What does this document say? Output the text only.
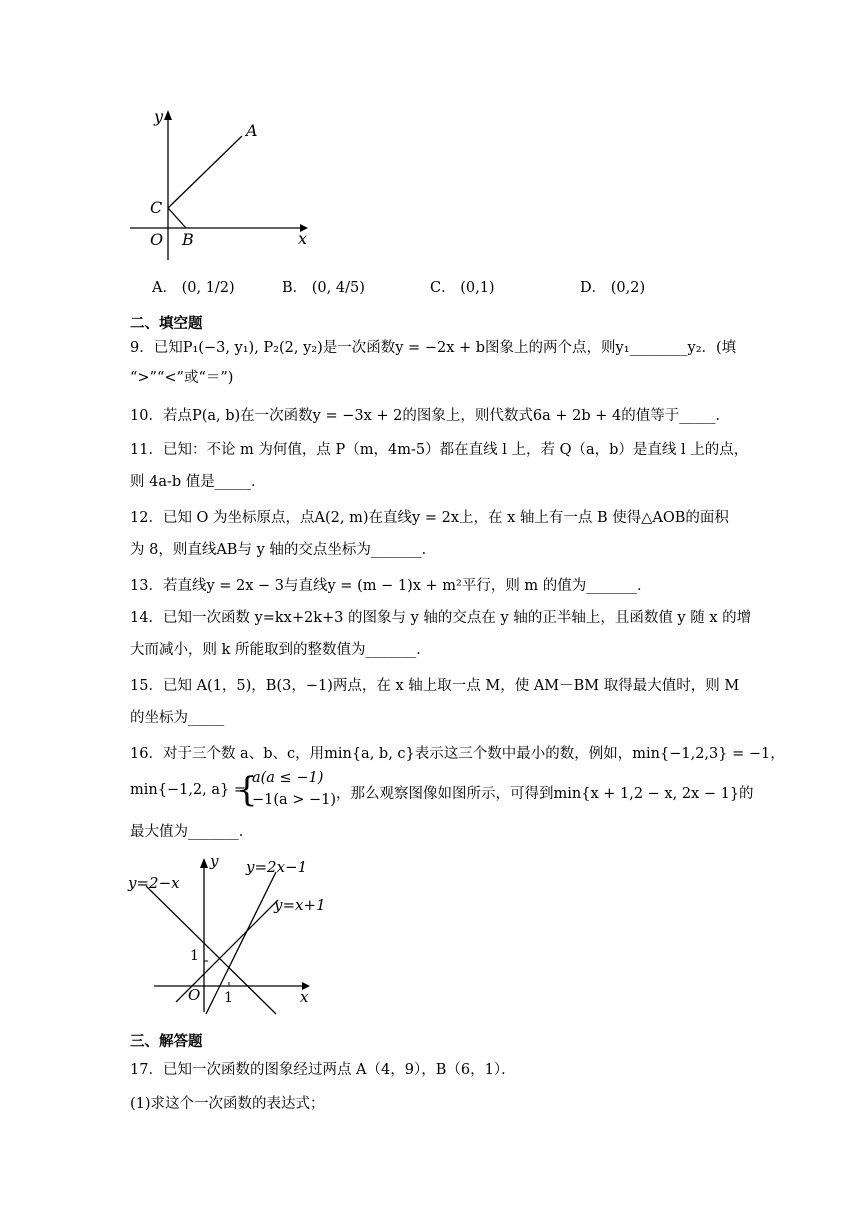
y
x
A
C
O B
A． (0, 1/2)	B． (0, 4/5)	C． (0,1)	D． (0,2)
二、填空题
9．已知P₁(−3, y₁), P₂(2, y₂)是一次函数y = −2x + b图象上的两个点，则y₁________y₂．(填
“>”“<”或“＝”)
10．若点P(a, b)在一次函数y = −3x + 2的图象上，则代数式6a + 2b + 4的值等于_____．
11．已知：不论 m 为何值，点 P（m，4m-5）都在直线 l 上，若 Q（a，b）是直线 l 上的点，
则 4a-b 值是_____．
12．已知 O 为坐标原点，点A(2, m)在直线y = 2x上，在 x 轴上有一点 B 使得△AOB的面积
为 8，则直线AB与 y 轴的交点坐标为_______．
13．若直线y = 2x − 3与直线y = (m − 1)x + m²平行，则 m 的值为_______．
14．已知一次函数 y=kx+2k+3 的图象与 y 轴的交点在 y 轴的正半轴上，且函数值 y 随 x 的增
大而减小，则 k 所能取到的整数值为_______．
15．已知 A(1，5)，B(3，−1)两点，在 x 轴上取一点 M，使 AM－BM 取得最大值时，则 M
的坐标为_____
16．对于三个数 a、b、c，用min{a, b, c}表示这三个数中最小的数，例如，min{−1,2,3} = −1，
min{−1,2, a} =
{
a(a ≤ −1)
−1(a > −1) ，那么观察图像如图所示，可得到min{x + 1,2 − x, 2x − 1}的
最大值为_______．
y
x
O 1
1
y=2−x
y=2x−1
y=x+1
三、解答题
17．已知一次函数的图象经过两点 A（4，9），B（6，1）．
(1)求这个一次函数的表达式；
